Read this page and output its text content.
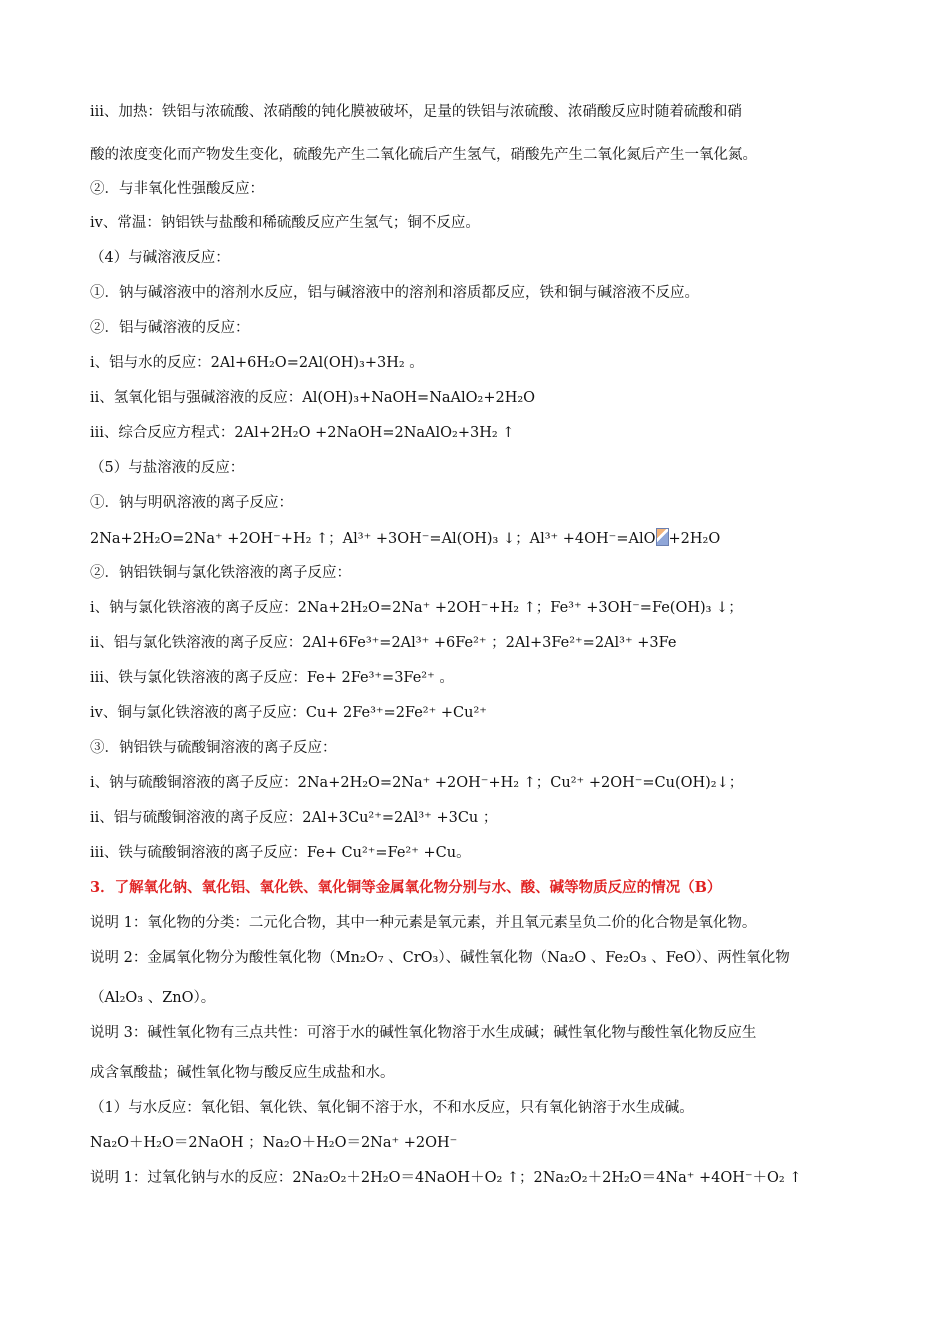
ⅲ、加热：铁铝与浓硫酸、浓硝酸的钝化膜被破坏，足量的铁铝与浓硫酸、浓硝酸反应时随着硫酸和硝
酸的浓度变化而产物发生变化，硫酸先产生二氧化硫后产生氢气，硝酸先产生二氧化氮后产生一氧化氮。
②．与非氧化性强酸反应：
ⅳ、常温：钠铝铁与盐酸和稀硫酸反应产生氢气；铜不反应。
（4）与碱溶液反应：
①．钠与碱溶液中的溶剂水反应，铝与碱溶液中的溶剂和溶质都反应，铁和铜与碱溶液不反应。
②．铝与碱溶液的反应：
ⅰ、铝与水的反应：2Al+6H₂O=2Al(OH)₃+3H₂ 。
ⅱ、氢氧化铝与强碱溶液的反应：Al(OH)₃+NaOH=NaAlO₂+2H₂O
ⅲ、综合反应方程式：2Al+2H₂O +2NaOH=2NaAlO₂+3H₂ ↑
（5）与盐溶液的反应：
①．钠与明矾溶液的离子反应：
2Na+2H₂O=2Na⁺ +2OH⁻+H₂ ↑；Al³⁺ +3OH⁻=Al(OH)₃ ↓；Al³⁺ +4OH⁻=AlO +2H₂O
②．钠铝铁铜与氯化铁溶液的离子反应：
ⅰ、钠与氯化铁溶液的离子反应：2Na+2H₂O=2Na⁺ +2OH⁻+H₂ ↑；Fe³⁺ +3OH⁻=Fe(OH)₃ ↓；
ⅱ、铝与氯化铁溶液的离子反应：2Al+6Fe³⁺=2Al³⁺ +6Fe²⁺ ；2Al+3Fe²⁺=2Al³⁺ +3Fe
ⅲ、铁与氯化铁溶液的离子反应：Fe+ 2Fe³⁺=3Fe²⁺ 。
ⅳ、铜与氯化铁溶液的离子反应：Cu+ 2Fe³⁺=2Fe²⁺ +Cu²⁺
③．钠铝铁与硫酸铜溶液的离子反应：
ⅰ、钠与硫酸铜溶液的离子反应：2Na+2H₂O=2Na⁺ +2OH⁻+H₂ ↑；Cu²⁺ +2OH⁻=Cu(OH)₂↓；
ⅱ、铝与硫酸铜溶液的离子反应：2Al+3Cu²⁺=2Al³⁺ +3Cu ；
ⅲ、铁与硫酸铜溶液的离子反应：Fe+ Cu²⁺=Fe²⁺ +Cu。
3．了解氧化钠、氧化铝、氧化铁、氧化铜等金属氧化物分别与水、酸、碱等物质反应的情况（B）
说明 1：氧化物的分类：二元化合物，其中一种元素是氧元素，并且氧元素呈负二价的化合物是氧化物。
说明 2：金属氧化物分为酸性氧化物（Mn₂O₇ 、CrO₃）、碱性氧化物（Na₂O 、Fe₂O₃ 、FeO）、两性氧化物
（Al₂O₃ 、ZnO）。
说明 3：碱性氧化物有三点共性：可溶于水的碱性氧化物溶于水生成碱；碱性氧化物与酸性氧化物反应生
成含氧酸盐；碱性氧化物与酸反应生成盐和水。
（1）与水反应：氧化铝、氧化铁、氧化铜不溶于水，不和水反应，只有氧化钠溶于水生成碱。
Na₂O＋H₂O＝2NaOH ；Na₂O＋H₂O＝2Na⁺ +2OH⁻
说明 1：过氧化钠与水的反应：2Na₂O₂＋2H₂O＝4NaOH＋O₂ ↑；2Na₂O₂＋2H₂O＝4Na⁺ +4OH⁻＋O₂ ↑
